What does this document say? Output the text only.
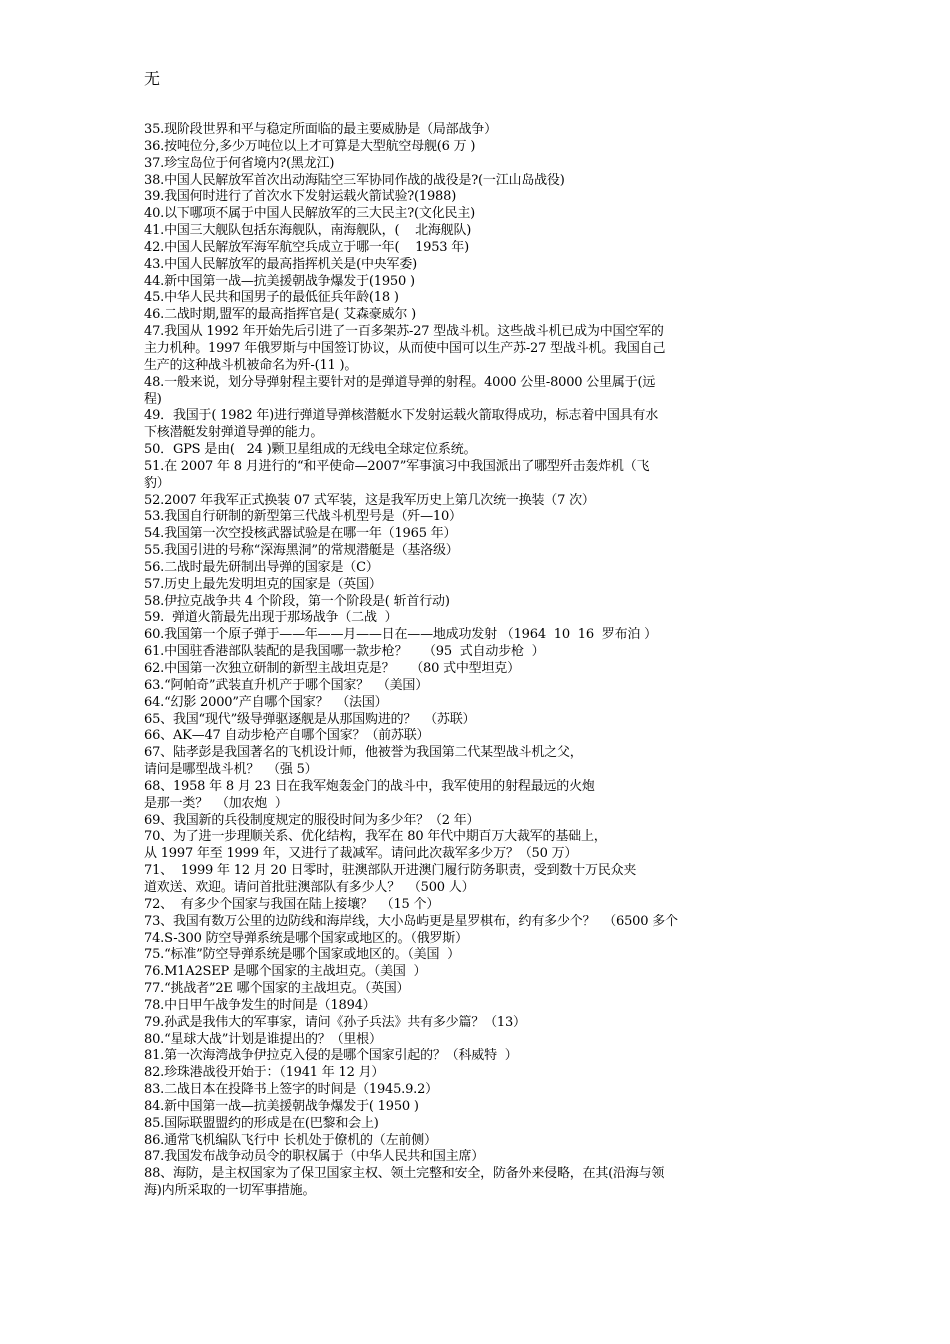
无
35.现阶段世界和平与稳定所面临的最主要威胁是（局部战争）
36.按吨位分,多少万吨位以上才可算是大型航空母舰(6 万 )
37.珍宝岛位于何省境内?(黑龙江)
38.中国人民解放军首次出动海陆空三军协同作战的战役是?(一江山岛战役)
39.我国何时进行了首次水下发射运载火箭试验?(1988)
40.以下哪项不属于中国人民解放军的三大民主?(文化民主)
41.中国三大舰队包括东海舰队，南海舰队，(    北海舰队)
42.中国人民解放军海军航空兵成立于哪一年(    1953 年)
43.中国人民解放军的最高指挥机关是(中央军委)
44.新中国第一战—抗美援朝战争爆发于(1950 )
45.中华人民共和国男子的最低征兵年龄(18 )
46.二战时期,盟军的最高指挥官是( 艾森豪威尔 )
47.我国从 1992 年开始先后引进了一百多架苏-27 型战斗机。这些战斗机已成为中国空军的
主力机种。1997 年俄罗斯与中国签订协议，从而使中国可以生产苏-27 型战斗机。我国自己
生产的这种战斗机被命名为歼-(11 )。
48.一般来说，划分导弹射程主要针对的是弹道导弹的射程。4000 公里-8000 公里属于(远
程)
49．我国于( 1982 年)进行弹道导弹核潜艇水下发射运载火箭取得成功，标志着中国具有水
下核潜艇发射弹道导弹的能力。
50．GPS 是由(   24 )颗卫星组成的无线电全球定位系统。
51.在 2007 年 8 月进行的“和平使命—2007”军事演习中我国派出了哪型歼击轰炸机（飞
豹）
52.2007 年我军正式换装 07 式军装，这是我军历史上第几次统一换装（7 次）
53.我国自行研制的新型第三代战斗机型号是（歼—10）
54.我国第一次空投核武器试验是在哪一年（1965 年）
55.我国引进的号称“深海黑洞”的常规潜艇是（基洛级）
56.二战时最先研制出导弹的国家是（C）
57.历史上最先发明坦克的国家是（英国）
58.伊拉克战争共 4 个阶段，第一个阶段是( 斩首行动)
59.  弹道火箭最先出现于那场战争（二战  ）
60.我国第一个原子弹于——年——月——日在——地成功发射 （1964  10  16  罗布泊 ）
61.中国驻香港部队装配的是我国哪一款步枪？    （95  式自动步枪  ）
62.中国第一次独立研制的新型主战坦克是？    （80 式中型坦克）
63.“阿帕奇”武装直升机产于哪个国家？  （美国）
64.“幻影 2000”产自哪个国家？  （法国）
65、我国“现代”级导弹驱逐舰是从那国购进的？  （苏联）
66、AK—47 自动步枪产自哪个国家？（前苏联）
67、陆孝彭是我国著名的飞机设计师，他被誉为我国第二代某型战斗机之父，
请问是哪型战斗机？  （强 5）
68、1958 年 8 月 23 日在我军炮轰金门的战斗中，我军使用的射程最远的火炮
是那一类？  （加农炮  ）
69、我国新的兵役制度规定的服役时间为多少年？（2 年）
70、为了进一步理顺关系、优化结构，我军在 80 年代中期百万大裁军的基础上，
从 1997 年至 1999 年，又进行了裁减军。请问此次裁军多少万？（50 万）
71、  1999 年 12 月 20 日零时，驻澳部队开进澳门履行防务职责，受到数十万民众夹
道欢送、欢迎。请问首批驻澳部队有多少人？  （500 人）
72、  有多少个国家与我国在陆上接壤？  （15 个）
73、我国有数万公里的边防线和海岸线，大小岛屿更是星罗棋布，约有多少个？  （6500 多个
74.S-300 防空导弹系统是哪个国家或地区的。（俄罗斯）
75.“标准”防空导弹系统是哪个国家或地区的。（美国  ）
76.M1A2SEP 是哪个国家的主战坦克。（美国  ）
77.“挑战者”2E 哪个国家的主战坦克。（英国）
78.中日甲午战争发生的时间是（1894）
79.孙武是我伟大的军事家，请问《孙子兵法》共有多少篇？（13）
80.“星球大战”计划是谁提出的？（里根）
81.第一次海湾战争伊拉克入侵的是哪个国家引起的？（科威特  ）
82.珍珠港战役开始于：（1941 年 12 月）
83.二战日本在投降书上签字的时间是（1945.9.2）
84.新中国第一战—抗美援朝战争爆发于( 1950 )
85.国际联盟盟约的形成是在(巴黎和会上)
86.通常飞机编队飞行中 长机处于僚机的（左前侧）
87.我国发布战争动员令的职权属于（中华人民共和国主席）
88、海防，是主权国家为了保卫国家主权、领土完整和安全，防备外来侵略，在其(沿海与领
海)内所采取的一切军事措施。
